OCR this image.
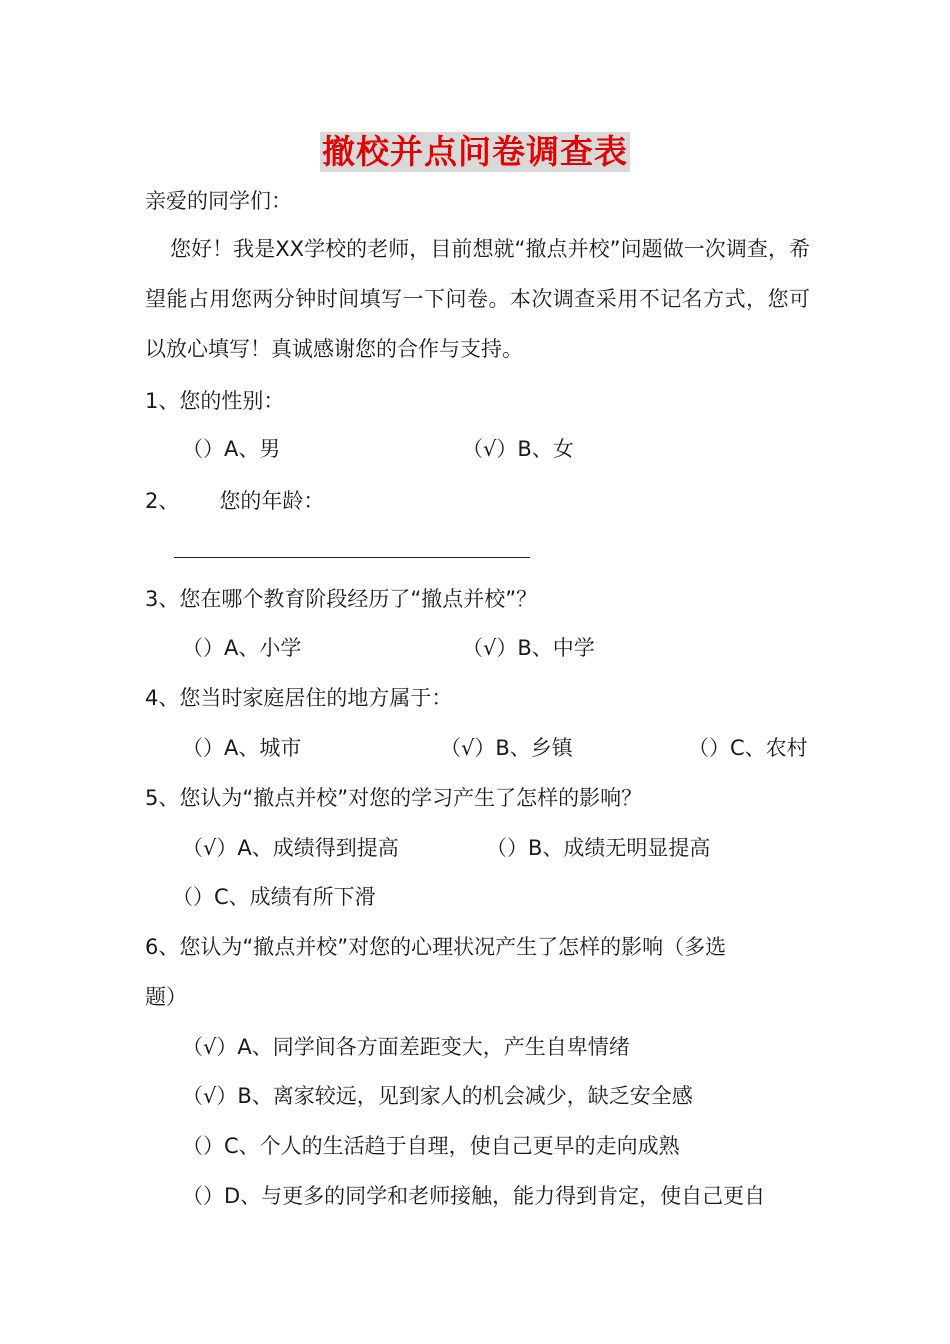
撤校并点问卷调查表
亲爱的同学们：
您好！我是XX学校的老师，目前想就“撤点并校”问题做一次调查，希望能占用您两分钟时间填写一下问卷。本次调查采用不记名方式，您可以放心填写！真诚感谢您的合作与支持。
1、您的性别：
（）A、男	（√）B、女
2、 您的年龄：
3、您在哪个教育阶段经历了“撤点并校”？
（）A、小学	（√）B、中学
4、您当时家庭居住的地方属于：
（）A、城市	（√）B、乡镇	（）C、农村
5、您认为“撤点并校”对您的学习产生了怎样的影响？
（√）A、成绩得到提高	（）B、成绩无明显提高
（）C、成绩有所下滑
6、您认为“撤点并校”对您的心理状况产生了怎样的影响（多选
题）
（√）A、同学间各方面差距变大，产生自卑情绪
（√）B、离家较远，见到家人的机会减少，缺乏安全感
（）C、个人的生活趋于自理，使自己更早的走向成熟
（）D、与更多的同学和老师接触，能力得到肯定，使自己更自
